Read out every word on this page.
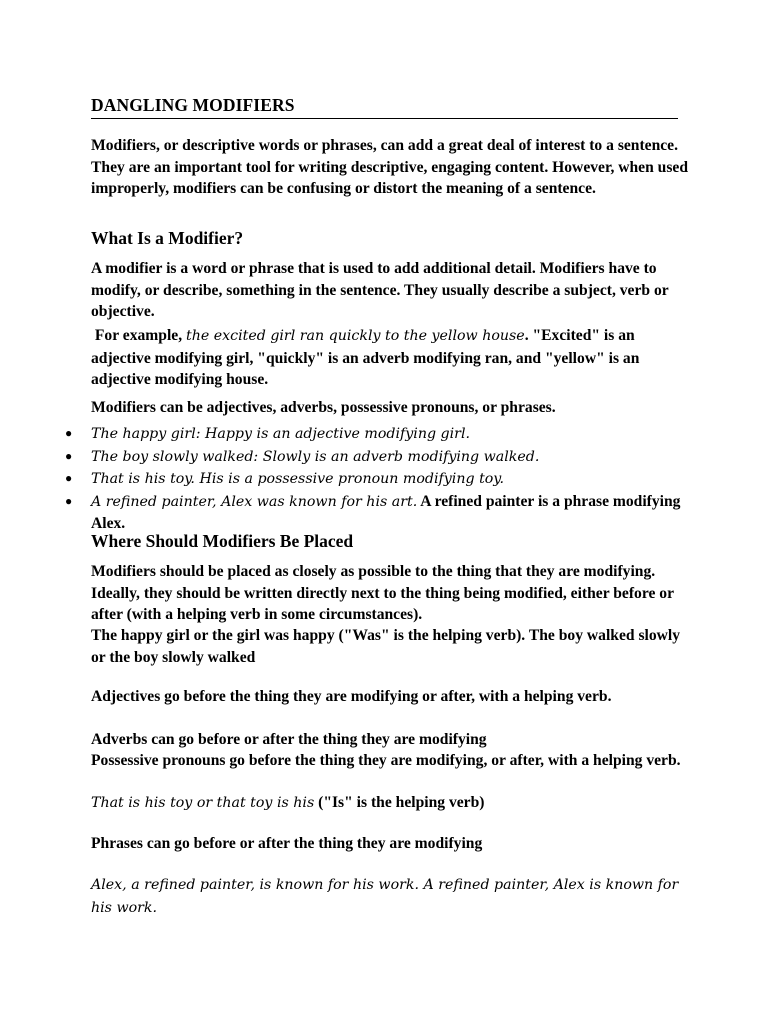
DANGLING MODIFIERS
Modifiers, or descriptive words or phrases, can add a great deal of interest to a sentence. They are an important tool for writing descriptive, engaging content. However, when used improperly, modifiers can be confusing or distort the meaning of a sentence.
What Is a Modifier?
A modifier is a word or phrase that is used to add additional detail. Modifiers have to modify, or describe, something in the sentence. They usually describe a subject, verb or objective.
For example, the excited girl ran quickly to the yellow house. "Excited" is an adjective modifying girl, "quickly" is an adverb modifying ran, and "yellow" is an adjective modifying house.
Modifiers can be adjectives, adverbs, possessive pronouns, or phrases.
● The happy girl: Happy is an adjective modifying girl.
● The boy slowly walked: Slowly is an adverb modifying walked.
● That is his toy. His is a possessive pronoun modifying toy.
● A refined painter, Alex was known for his art. A refined painter is a phrase modifying Alex.
Where Should Modifiers Be Placed
Modifiers should be placed as closely as possible to the thing that they are modifying. Ideally, they should be written directly next to the thing being modified, either before or after (with a helping verb in some circumstances).
The happy girl or the girl was happy ("Was" is the helping verb). The boy walked slowly or the boy slowly walked
Adjectives go before the thing they are modifying or after, with a helping verb.
Adverbs can go before or after the thing they are modifying
Possessive pronouns go before the thing they are modifying, or after, with a helping verb.
That is his toy or that toy is his ("Is" is the helping verb)
Phrases can go before or after the thing they are modifying
Alex, a refined painter, is known for his work. A refined painter, Alex is known for his work.
